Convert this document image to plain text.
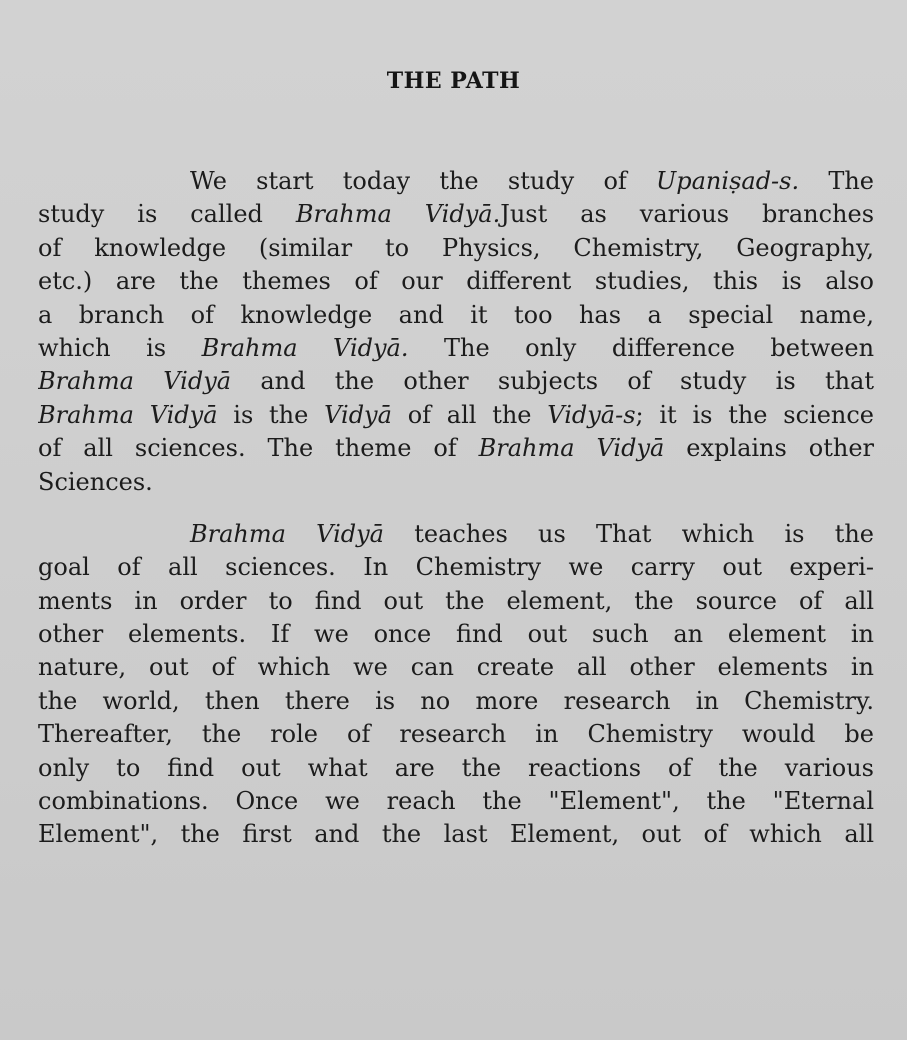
THE PATH
We start today the study of Upaniṣad-s. The
study is called Brahma Vidyā.Just as various branches
of knowledge (similar to Physics, Chemistry, Geography,
etc.) are the themes of our different studies, this is also
a branch of knowledge and it too has a special name,
which is Brahma Vidyā. The only difference between
Brahma Vidyā and the other subjects of study is that
Brahma Vidyā is the Vidyā of all the Vidyā-s; it is the science
of all sciences. The theme of Brahma Vidyā explains other
Sciences.
Brahma Vidyā teaches us That which is the
goal of all sciences. In Chemistry we carry out experi-
ments in order to find out the element, the source of all
other elements. If we once find out such an element in
nature, out of which we can create all other elements in
the world, then there is no more research in Chemistry.
Thereafter, the role of research in Chemistry would be
only to find out what are the reactions of the various
combinations. Once we reach the "Element", the "Eternal
Element", the first and the last Element, out of which all
